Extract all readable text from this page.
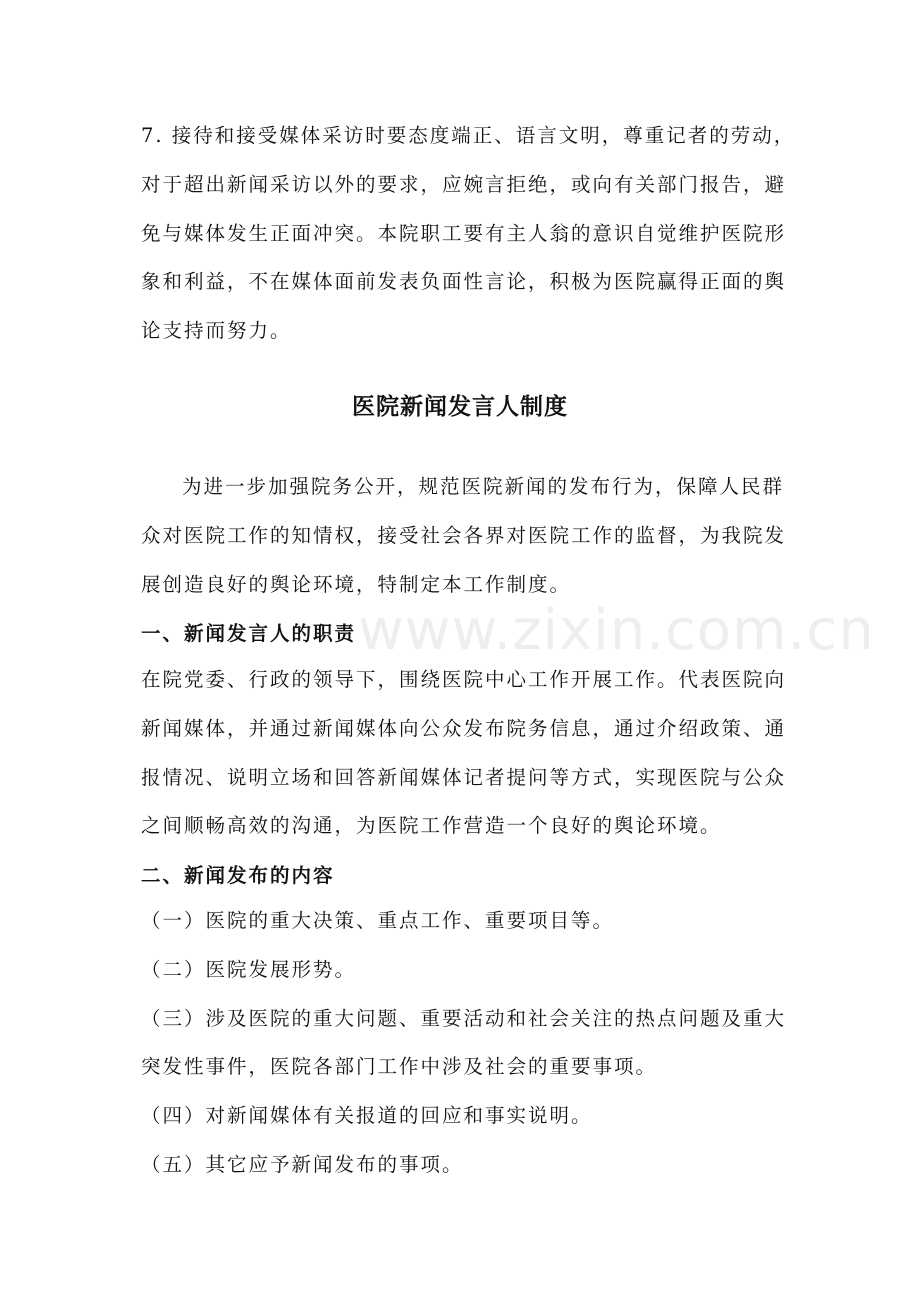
7. 接待和接受媒体采访时要态度端正、语言文明，尊重记者的劳动，
对于超出新闻采访以外的要求，应婉言拒绝，或向有关部门报告，避
免与媒体发生正面冲突。本院职工要有主人翁的意识自觉维护医院形
象和利益，不在媒体面前发表负面性言论，积极为医院赢得正面的舆
论支持而努力。
医院新闻发言人制度
为进一步加强院务公开，规范医院新闻的发布行为，保障人民群
众对医院工作的知情权，接受社会各界对医院工作的监督，为我院发
展创造良好的舆论环境，特制定本工作制度。
一、新闻发言人的职责
在院党委、行政的领导下，围绕医院中心工作开展工作。代表医院向
新闻媒体，并通过新闻媒体向公众发布院务信息，通过介绍政策、通
报情况、说明立场和回答新闻媒体记者提问等方式，实现医院与公众
之间顺畅高效的沟通，为医院工作营造一个良好的舆论环境。
二、新闻发布的内容
（一）医院的重大决策、重点工作、重要项目等。
（二）医院发展形势。
（三）涉及医院的重大问题、重要活动和社会关注的热点问题及重大
突发性事件，医院各部门工作中涉及社会的重要事项。
（四）对新闻媒体有关报道的回应和事实说明。
（五）其它应予新闻发布的事项。
www.zixin.com.cn
